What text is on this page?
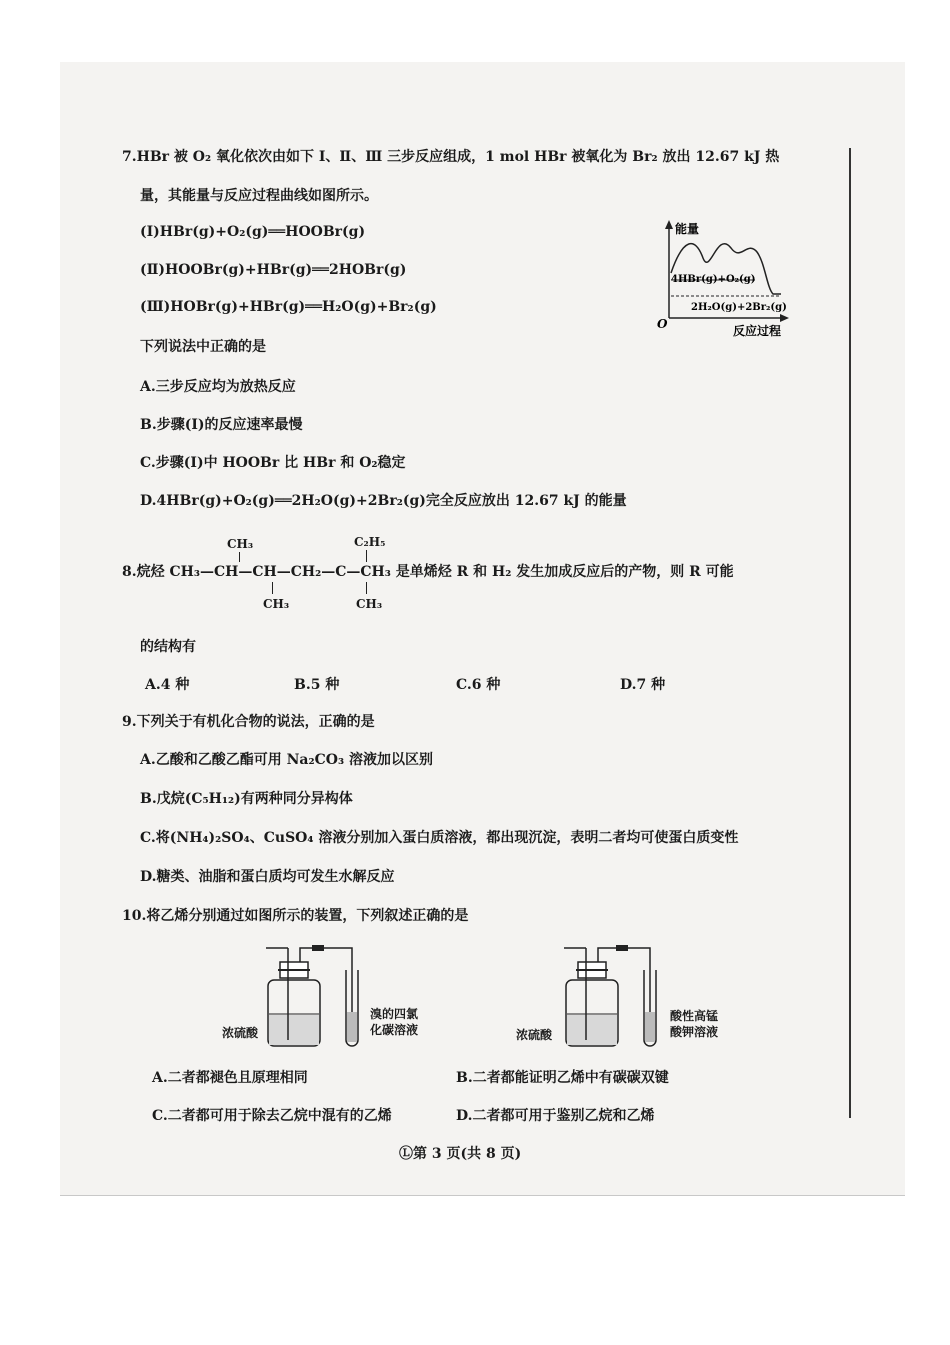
7.HBr 被 O₂ 氧化依次由如下 Ⅰ、Ⅱ、Ⅲ 三步反应组成，1 mol HBr 被氧化为 Br₂ 放出 12.67 kJ 热
量，其能量与反应过程曲线如图所示。
(Ⅰ)HBr(g)+O₂(g)══HOOBr(g)
(Ⅱ)HOOBr(g)+HBr(g)══2HOBr(g)
(Ⅲ)HOBr(g)+HBr(g)══H₂O(g)+Br₂(g)
下列说法中正确的是
A.三步反应均为放热反应
B.步骤(Ⅰ)的反应速率最慢
C.步骤(Ⅰ)中 HOOBr 比 HBr 和 O₂稳定
D.4HBr(g)+O₂(g)══2H₂O(g)+2Br₂(g)完全反应放出 12.67 kJ 的能量
能量
4HBr(g)+O₂(g)
2H₂O(g)+2Br₂(g)
O	反应过程
CH₃	C₂H₅
8.烷烃 CH₃—CH—CH—CH₂—C—CH₃ 是单烯烃 R 和 H₂ 发生加成反应后的产物，则 R 可能
CH₃	CH₃
的结构有
A.4 种	B.5 种	C.6 种	D.7 种
9.下列关于有机化合物的说法，正确的是
A.乙酸和乙酸乙酯可用 Na₂CO₃ 溶液加以区别
B.戊烷(C₅H₁₂)有两种同分异构体
C.将(NH₄)₂SO₄、CuSO₄ 溶液分别加入蛋白质溶液，都出现沉淀，表明二者均可使蛋白质变性
D.糖类、油脂和蛋白质均可发生水解反应
10.将乙烯分别通过如图所示的装置，下列叙述正确的是
浓硫酸
溴的四氯
化碳溶液	浓硫酸
酸性高锰
酸钾溶液
A.二者都褪色且原理相同	B.二者都能证明乙烯中有碳碳双键
C.二者都可用于除去乙烷中混有的乙烯	D.二者都可用于鉴别乙烷和乙烯
Ⓛ第 3 页(共 8 页)
